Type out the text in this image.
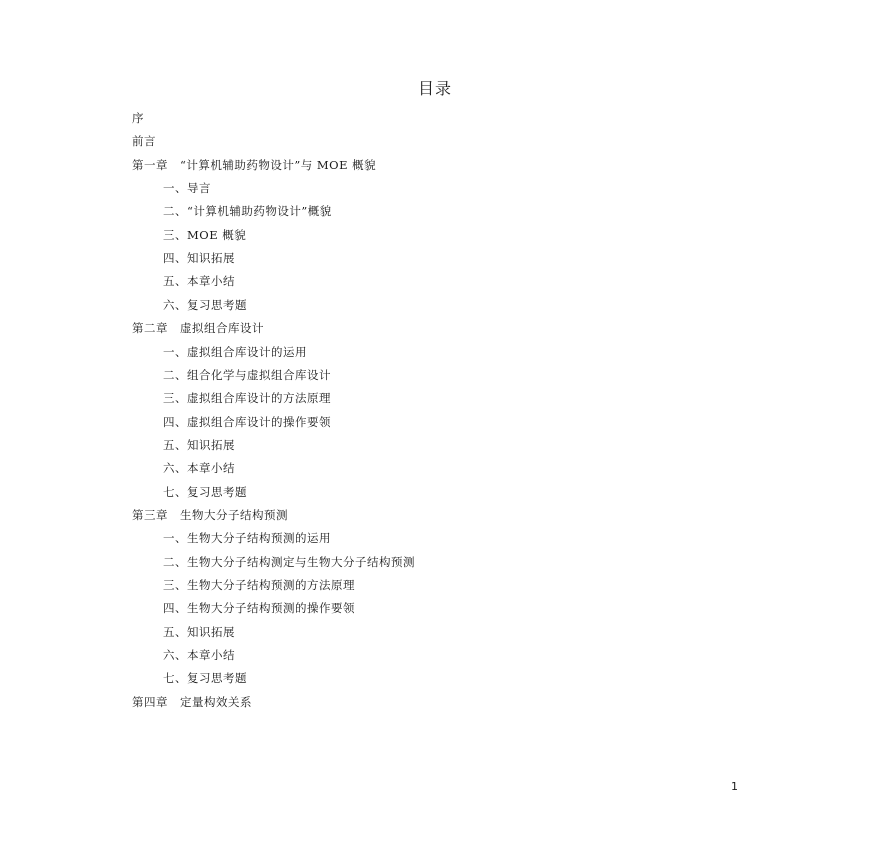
目录
序
前言
第一章　“计算机辅助药物设计”与 MOE 概貌
一、导言
二、“计算机辅助药物设计”概貌
三、MOE 概貌
四、知识拓展
五、本章小结
六、复习思考题
第二章　虚拟组合库设计
一、虚拟组合库设计的运用
二、组合化学与虚拟组合库设计
三、虚拟组合库设计的方法原理
四、虚拟组合库设计的操作要领
五、知识拓展
六、本章小结
七、复习思考题
第三章　生物大分子结构预测
一、生物大分子结构预测的运用
二、生物大分子结构测定与生物大分子结构预测
三、生物大分子结构预测的方法原理
四、生物大分子结构预测的操作要领
五、知识拓展
六、本章小结
七、复习思考题
第四章　定量构效关系
1
